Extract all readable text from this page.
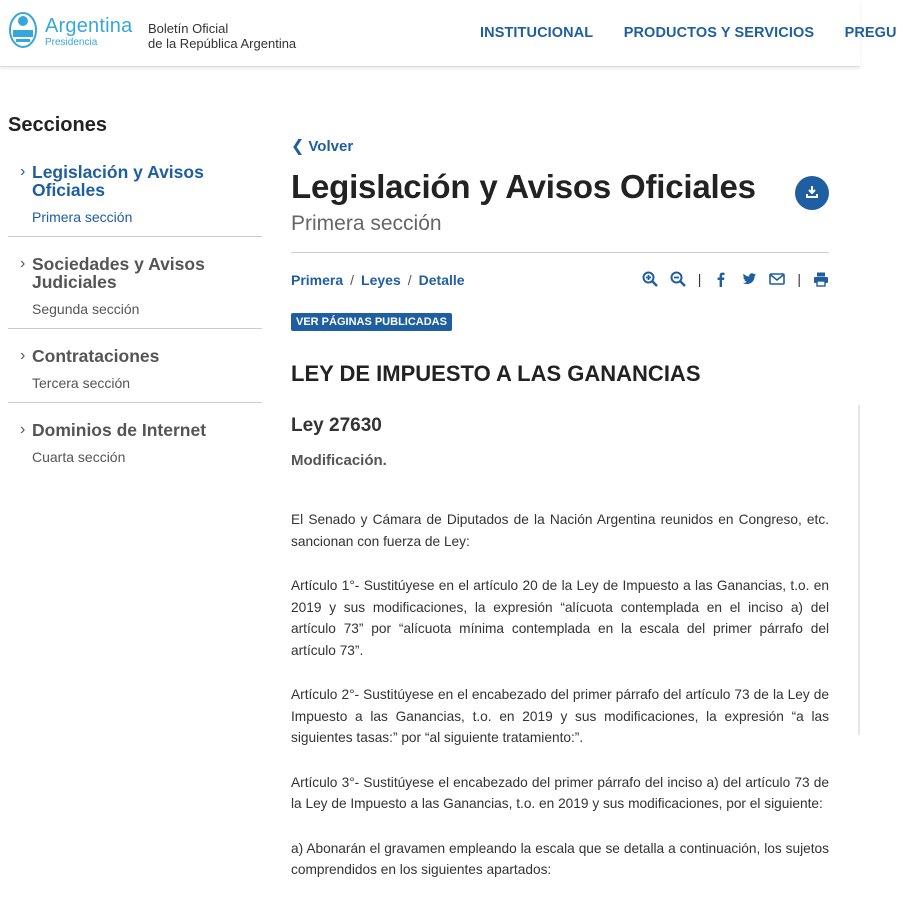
Argentina
Presidencia
Boletín Oficial
de la República Argentina
INSTITUCIONAL PRODUCTOS Y SERVICIOS PREGU
Secciones
› Legislación y Avisos Oficiales
Primera sección
› Sociedades y Avisos Judiciales
Segunda sección
› Contrataciones
Tercera sección
› Dominios de Internet
Cuarta sección
❮ Volver
Legislación y Avisos Oficiales
Primera sección
Primera / Leyes / Detalle	|	|
VER PÁGINAS PUBLICADAS
LEY DE IMPUESTO A LAS GANANCIAS
Ley 27630
Modificación.

El Senado y Cámara de Diputados de la Nación Argentina reunidos en Congreso, etc. sancionan con fuerza de Ley:

Artículo 1°- Sustitúyese en el artículo 20 de la Ley de Impuesto a las Ganancias, t.o. en 2019 y sus modificaciones, la expresión “alícuota contemplada en el inciso a) del artículo 73” por “alícuota mínima contemplada en la escala del primer párrafo del artículo 73”.

Artículo 2°- Sustitúyese en el encabezado del primer párrafo del artículo 73 de la Ley de Impuesto a las Ganancias, t.o. en 2019 y sus modificaciones, la expresión “a las siguientes tasas:” por “al siguiente tratamiento:”.

Artículo 3°- Sustitúyese el encabezado del primer párrafo del inciso a) del artículo 73 de la Ley de Impuesto a las Ganancias, t.o. en 2019 y sus modificaciones, por el siguiente:

a) Abonarán el gravamen empleando la escala que se detalla a continuación, los sujetos comprendidos en los siguientes apartados:
